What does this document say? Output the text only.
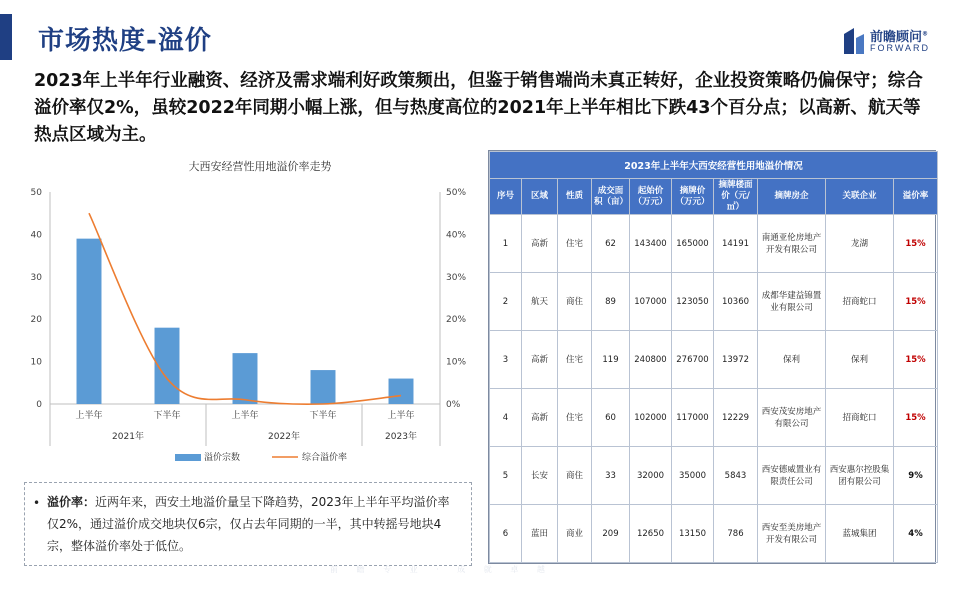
市场热度-溢价	前瞻顾问®
FORWARD
2023年上半年行业融资、经济及需求端利好政策频出，但鉴于销售端尚未真正转好，企业投资策略仍偏保守；综合溢价率仅2%，虽较2022年同期小幅上涨，但与热度高位的2021年上半年相比下跌43个百分点；以高新、航天等热点区域为主。
大西安经营性用地溢价率走势
0
10
20
30
40
50
0%
10%
20%
30%
40%
50%
上半年	下半年	上半年	下半年	上半年
2021年	2022年	2023年
溢价宗数	综合溢价率
• 溢价率：近两年来，西安土地溢价量呈下降趋势，2023年上半年平均溢价率仅2%，通过溢价成交地块仅6宗，仅占去年同期的一半，其中转摇号地块4宗，整体溢价率处于低位。
2023年上半年大西安经营性用地溢价情况									
序号	区域	性质	成交面积（亩）	起始价（万元）	摘牌价（万元）	摘牌楼面价（元/㎡）	摘牌房企	关联企业	溢价率
1	高新	住宅	62	143400	165000	14191	南通亚伦房地产开发有限公司	龙湖	15%
2	航天	商住	89	107000	123050	10360	成都华建益锦置业有限公司	招商蛇口	15%
3	高新	住宅	119	240800	276700	13972	保利	保利	15%
4	高新	住宅	60	102000	117000	12229	西安茂安房地产有限公司	招商蛇口	15%
5	长安	商住	33	32000	35000	5843	西安德威置业有限责任公司	西安惠尔控股集团有限公司	9%
6	蓝田	商业	209	12650	13150	786	西安至美房地产开发有限公司	蓝城集团	4%
前 瞻 专 业 · 成 就 卓 越
